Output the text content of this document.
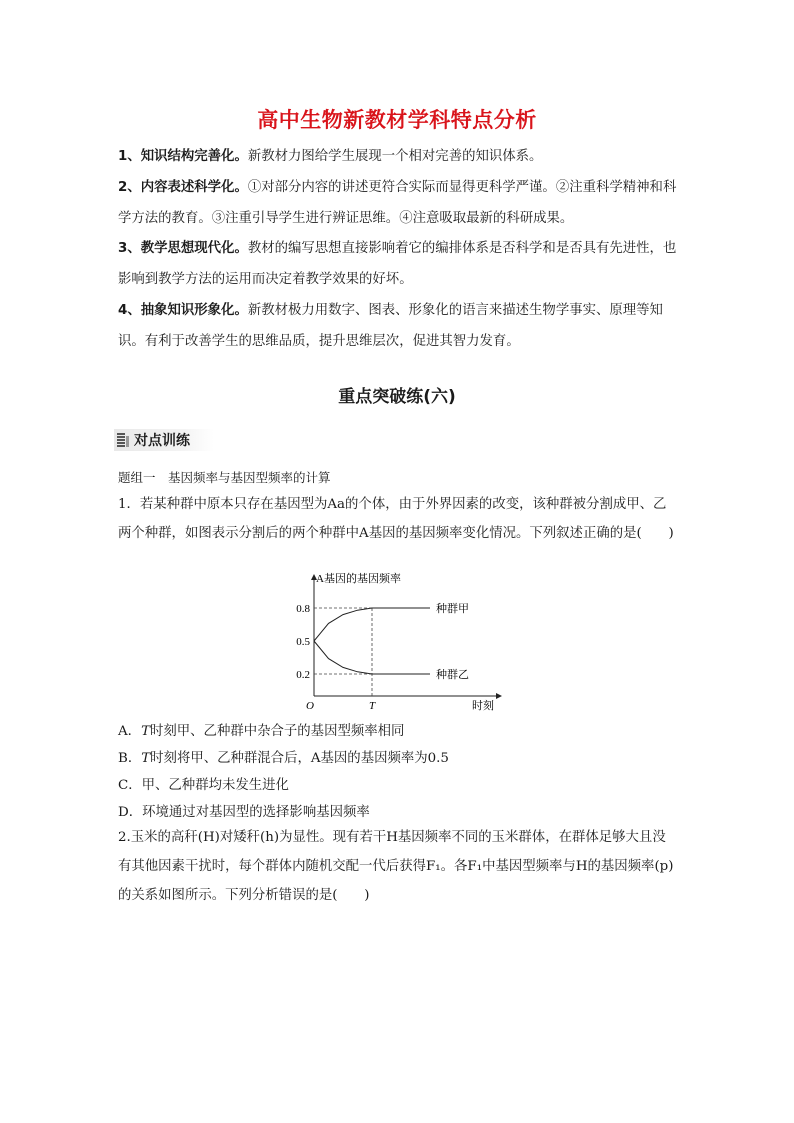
高中生物新教材学科特点分析
1、知识结构完善化。新教材力图给学生展现一个相对完善的知识体系。
2、内容表述科学化。①对部分内容的讲述更符合实际而显得更科学严谨。②注重科学精神和科学方法的教育。③注重引导学生进行辨证思维。④注意吸取最新的科研成果。
3、教学思想现代化。教材的编写思想直接影响着它的编排体系是否科学和是否具有先进性，也影响到教学方法的运用而决定着教学效果的好坏。
4、抽象知识形象化。新教材极力用数字、图表、形象化的语言来描述生物学事实、原理等知识。有利于改善学生的思维品质，提升思维层次，促进其智力发育。
重点突破练(六)
对点训练
题组一　基因频率与基因型频率的计算
1．若某种群中原本只存在基因型为Aa的个体，由于外界因素的改变，该种群被分割成甲、乙两个种群，如图表示分割后的两个种群中A基因的基因频率变化情况。下列叙述正确的是(　　)
A基因的基因频率
时刻
O	T
0.2
0.5
0.8	种群甲
种群乙
A．T时刻甲、乙种群中杂合子的基因型频率相同
B．T时刻将甲、乙种群混合后，A基因的基因频率为0.5
C．甲、乙种群均未发生进化
D．环境通过对基因型的选择影响基因频率
2.玉米的高秆(H)对矮秆(h)为显性。现有若干H基因频率不同的玉米群体，在群体足够大且没有其他因素干扰时，每个群体内随机交配一代后获得F₁。各F₁中基因型频率与H的基因频率(p)的关系如图所示。下列分析错误的是(　　)
